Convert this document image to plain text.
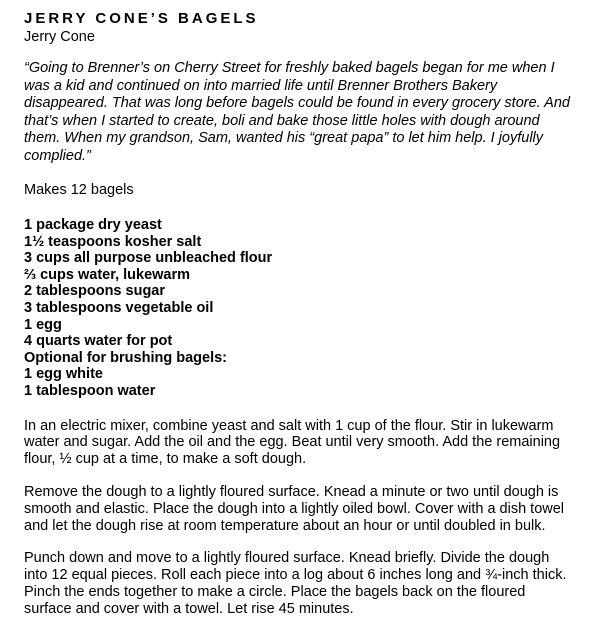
JERRY CONE’S BAGELS

Jerry Cone

“Going to Brenner’s on Cherry Street for freshly baked bagels began for me when I was a kid and continued on into married life until Brenner Brothers Bakery disappeared. That was long before bagels could be found in every grocery store. And that’s when I started to create, boli and bake those little holes with dough around them. When my grandson, Sam, wanted his “great papa” to let him help. I joyfully complied.”

Makes 12 bagels

1 package dry yeast
1½ teaspoons kosher salt
3 cups all purpose unbleached flour
⅔ cups water, lukewarm
2 tablespoons sugar
3 tablespoons vegetable oil
1 egg
4 quarts water for pot
Optional for brushing bagels:
1 egg white
1 tablespoon water

In an electric mixer, combine yeast and salt with 1 cup of the flour. Stir in lukewarm water and sugar. Add the oil and the egg. Beat until very smooth. Add the remaining flour, ½ cup at a time, to make a soft dough.

Remove the dough to a lightly floured surface. Knead a minute or two until dough is smooth and elastic. Place the dough into a lightly oiled bowl. Cover with a dish towel and let the dough rise at room temperature about an hour or until doubled in bulk.

Punch down and move to a lightly floured surface. Knead briefly. Divide the dough into 12 equal pieces. Roll each piece into a log about 6 inches long and ¾-inch thick. Pinch the ends together to make a circle. Place the bagels back on the floured surface and cover with a towel. Let rise 45 minutes.
